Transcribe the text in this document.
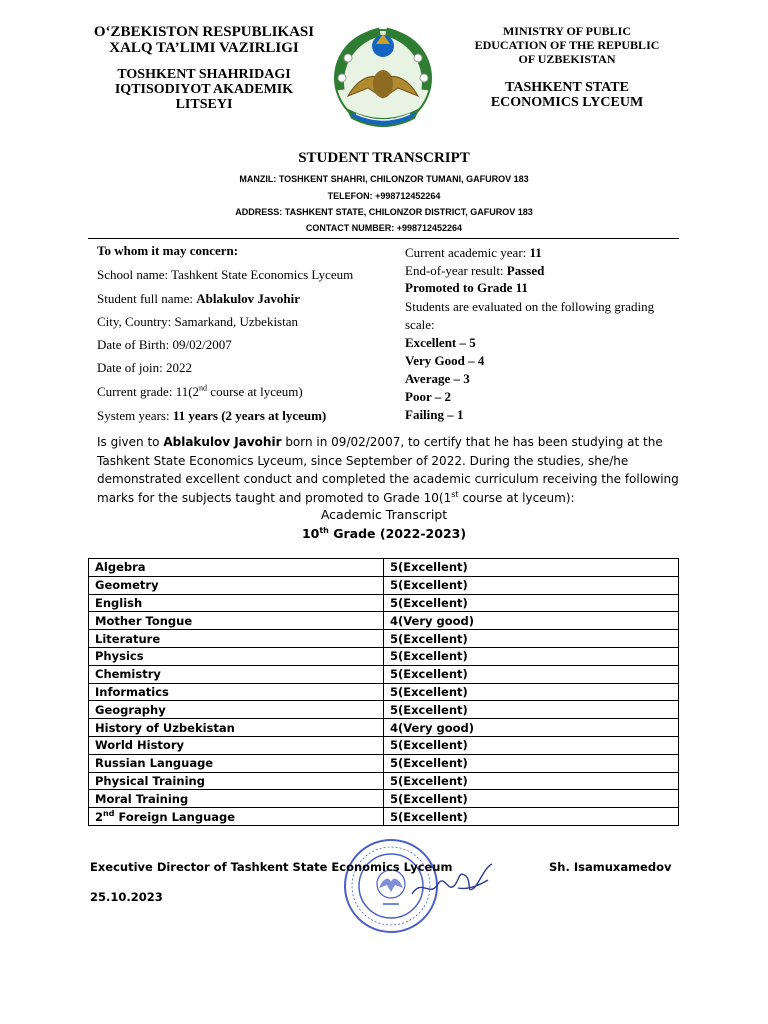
O‘ZBEKISTON RESPUBLIKASI
XALQ TA’LIMI VAZIRLIGI
TOSHKENT SHAHRIDAGI
IQTISODIYOT AKADEMIK
LITSEYI
MINISTRY OF PUBLIC
EDUCATION OF THE REPUBLIC
OF UZBEKISTAN
TASHKENT STATE
ECONOMICS LYCEUM
STUDENT TRANSCRIPT
MANZIL: TOSHKENT SHAHRI, CHILONZOR TUMANI, GAFUROV 183
TELEFON: +998712452264
ADDRESS: TASHKENT STATE, CHILONZOR DISTRICT, GAFUROV 183
CONTACT NUMBER: +998712452264
To whom it may concern:
School name: Tashkent State Economics Lyceum
Student full name: Ablakulov Javohir
City, Country: Samarkand, Uzbekistan
Date of Birth: 09/02/2007
Date of join: 2022
Current grade: 11(2nd course at lyceum)
System years: 11 years (2 years at lyceum)
Current academic year: 11
End-of-year result: Passed
Promoted to Grade 11
Students are evaluated on the following grading
scale:
Excellent – 5
Very Good – 4
Average – 3
Poor – 2
Failing – 1
Is given to Ablakulov Javohir born in 09/02/2007, to certify that he has been studying at the Tashkent State Economics Lyceum, since September of 2022. During the studies, she/he demonstrated excellent conduct and completed the academic curriculum receiving the following marks for the subjects taught and promoted to Grade 10(1st course at lyceum):
Academic Transcript
10th Grade (2022-2023)
Algebra	5(Excellent)
Geometry	5(Excellent)
English	5(Excellent)
Mother Tongue	4(Very good)
Literature	5(Excellent)
Physics	5(Excellent)
Chemistry	5(Excellent)
Informatics	5(Excellent)
Geography	5(Excellent)
History of Uzbekistan	4(Very good)
World History	5(Excellent)
Russian Language	5(Excellent)
Physical Training	5(Excellent)
Moral Training	5(Excellent)
2nd Foreign Language	5(Excellent)
Executive Director of Tashkent State Economics Lyceum	Sh. Isamuxamedov
25.10.2023
